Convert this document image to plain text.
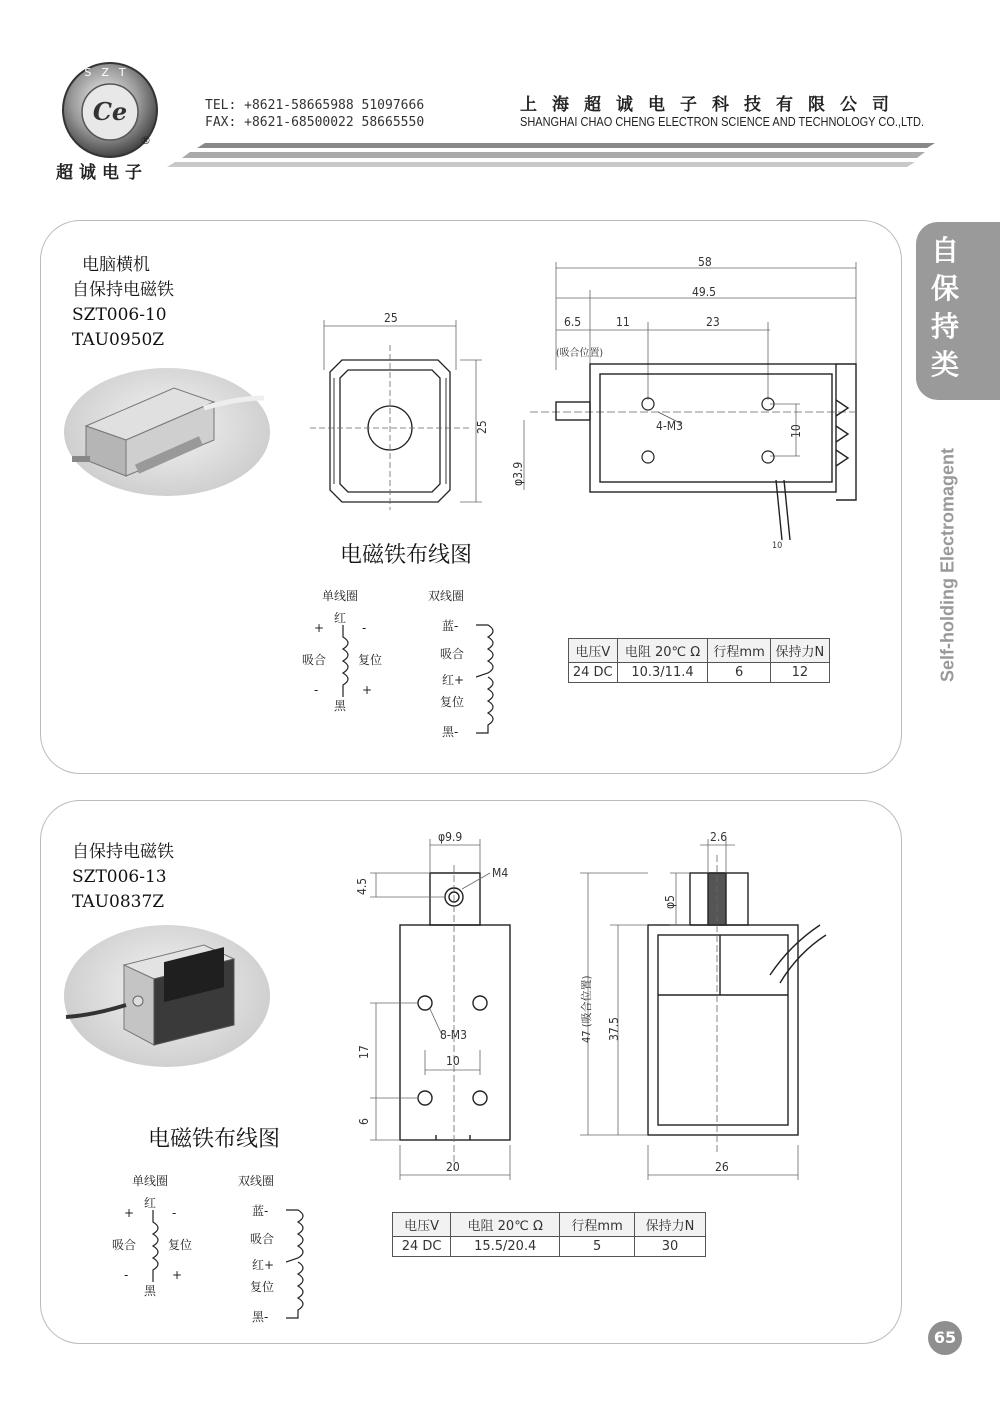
Ce
SZT
®
超诚电子
TEL: +8621-58665988 51097666
FAX: +8621-68500022 58665550
上海超诚电子科技有限公司
SHANGHAI CHAO CHENG ELECTRON SCIENCE AND TECHNOLOGY CO.,LTD.
自保持类
Self-holding Electromagent
电脑横机
自保持电磁铁
SZT006-10
TAU0950Z
25
25
58
49.5
6.5	11	23
(吸合位置)
4-M3	10
φ3.9
10
电磁铁布线图
单线圈
红
+	-
吸合	复位
-	+
黑
双线圈
蓝-
吸合
红+
复位
黑-
电压V	电阻 20℃ Ω	行程mm	保持力N
24 DC	10.3/11.4	6	12
自保持电磁铁
SZT006-13
TAU0837Z
电磁铁布线图
单线圈
红
+	-
吸合	复位
-	+
黑
双线圈
蓝-
吸合
红+
复位
黑-
φ9.9
M4
4.5
8-M3
17
10
6
20
2.6
φ5
47 (吸合位置) 37.5
26
电压V	电阻 20℃ Ω	行程mm	保持力N
24 DC	15.5/20.4	5	30
65
